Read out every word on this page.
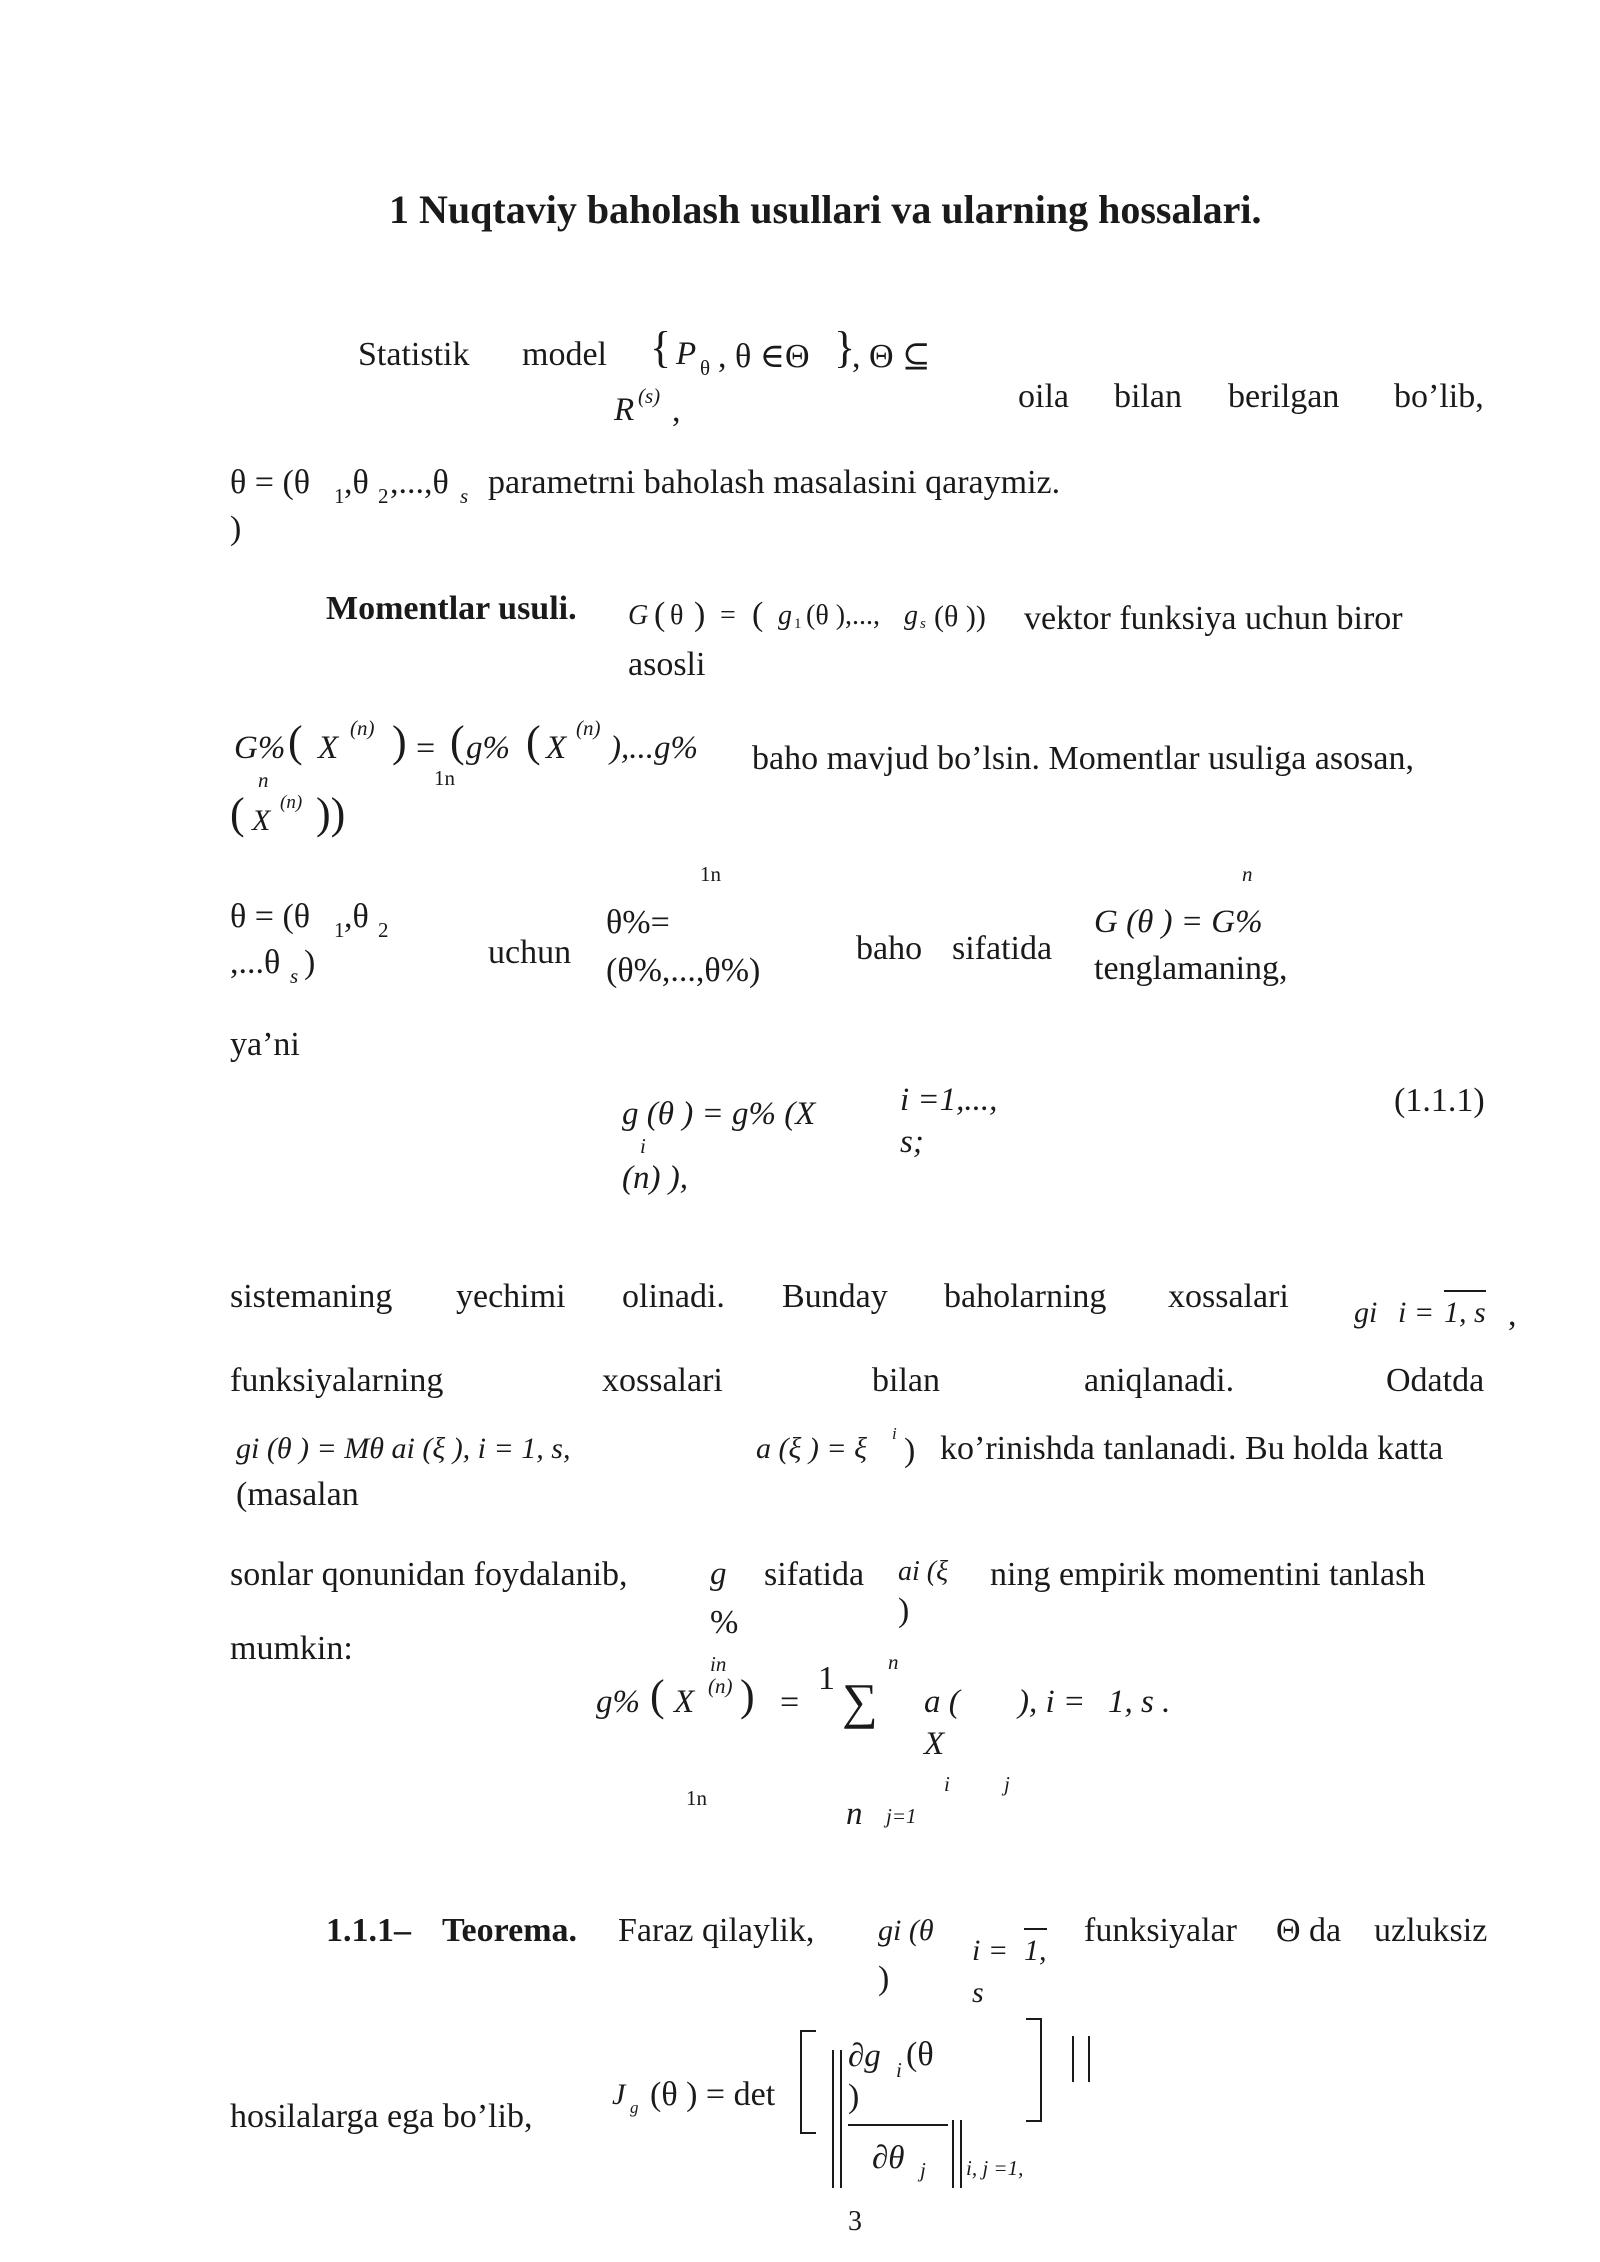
1 Nuqtaviy baholash usullari va ularning hossalari.
Statistik model { P θ , θ ∈Θ }
, Θ ⊆
R (s) ,	oila bilan berilgan bo’lib,
θ = (θ 1 ,θ 2 ,...,θ s
)
parametrni baholash masalasini qaraymiz.
Momentlar usuli. G ( θ ) = ( g 1 (θ ),..., g s (θ )) vektor funksiya uchun biror
asosli
G% ( X
(n) )
n
= ( g% ( X
(n)
),...g%
1n
( X
(n) ))
baho mavjud bo’lsin. Momentlar usuliga asosan,
1n	n
θ = (θ 1 ,θ 2
,...θ s )	uchun
θ%=
(θ%,...,θ%)
baho sifatida
G (θ ) = G%
tenglamaning,
ya’ni
g (θ ) = g% (X
i
(n) ),
i =1,...,
s;
(1.1.1)
sistemaning yechimi olinadi. Bunday baholarning xossalari gi i = 1, s ,
funksiyalarning	xossalari	bilan	aniqlanadi.	Odatda
gi (θ ) = Mθ ai (ξ ), i = 1, s,
(masalan
a (ξ ) = ξ i ) ko’rinishda tanlanadi. Bu holda katta
sonlar qonunidan foydalanib, g
%
in
sifatida ai (ξ
)
ning empirik momentini tanlash
mumkin:
g% ( X (n) ) =
1 ∑
n
a (
X
), i = 1, s .
i	j
1n	n j=1
1.1.1– Teorema. Faraz qilaylik, gi (θ
)
i = 1,
s
funksiyalar Θ da uzluksiz
hosilalarga ega bo’lib,
J g (θ ) = det
∂g i (θ
)
∂θ j i, j =1,
3
